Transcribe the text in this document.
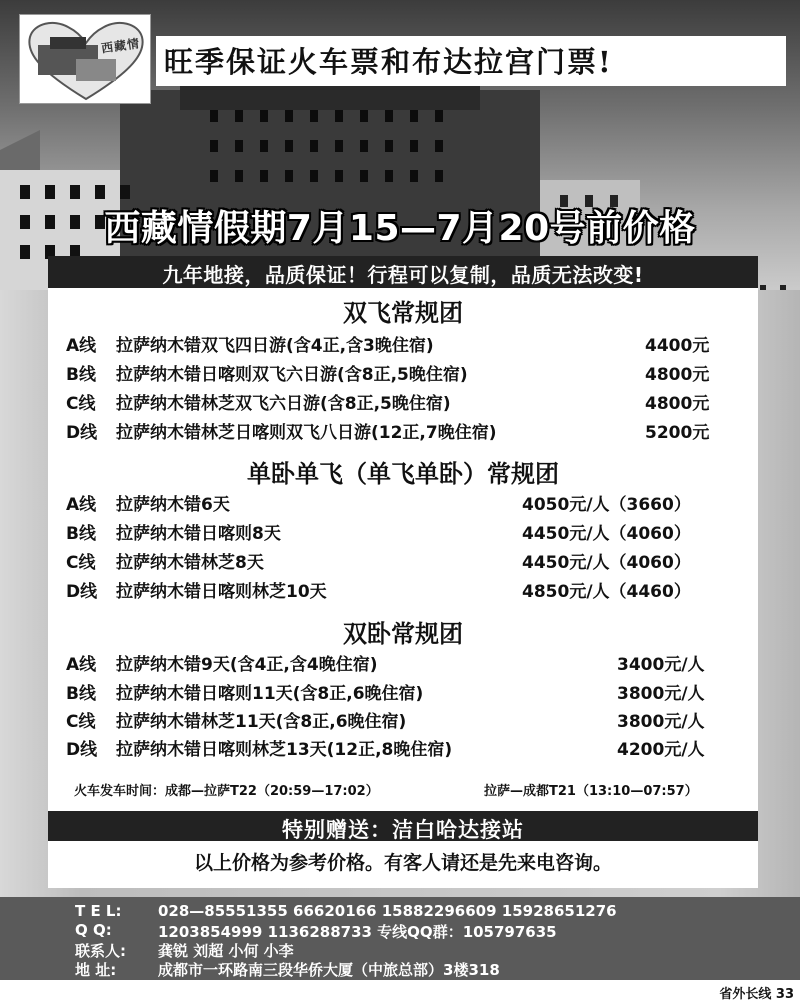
西藏情 旺季保证火车票和布达拉宫门票!
西藏情假期7月15—7月20号前价格
九年地接，品质保证！行程可以复制，品质无法改变!
双飞常规团
A线 拉萨纳木错双飞四日游(含4正,含3晚住宿)	4400元
B线 拉萨纳木错日喀则双飞六日游(含8正,5晚住宿)	4800元
C线 拉萨纳木错林芝双飞六日游(含8正,5晚住宿)	4800元
D线 拉萨纳木错林芝日喀则双飞八日游(12正,7晚住宿)	5200元
单卧单飞（单飞单卧）常规团
A线 拉萨纳木错6天	4050元/人（3660）
B线 拉萨纳木错日喀则8天	4450元/人（4060）
C线 拉萨纳木错林芝8天	4450元/人（4060）
D线 拉萨纳木错日喀则林芝10天	4850元/人（4460）
双卧常规团
A线 拉萨纳木错9天(含4正,含4晚住宿)	3400元/人
B线 拉萨纳木错日喀则11天(含8正,6晚住宿)	3800元/人
C线 拉萨纳木错林芝11天(含8正,6晚住宿)	3800元/人
D线 拉萨纳木错日喀则林芝13天(12正,8晚住宿)	4200元/人
火车发车时间：成都—拉萨T22（20:59—17:02）	拉萨—成都T21（13:10—07:57）
特别赠送：洁白哈达接站
以上价格为参考价格。有客人请还是先来电咨询。
T E L: 028—85551355 66620166 15882296609 15928651276
Q Q:	1203854999 1136288733 专线QQ群：105797635
联系人: 龚锐 刘超 小何 小李
地 址:	成都市一环路南三段华侨大厦（中旅总部）3楼318
省外长线 33
